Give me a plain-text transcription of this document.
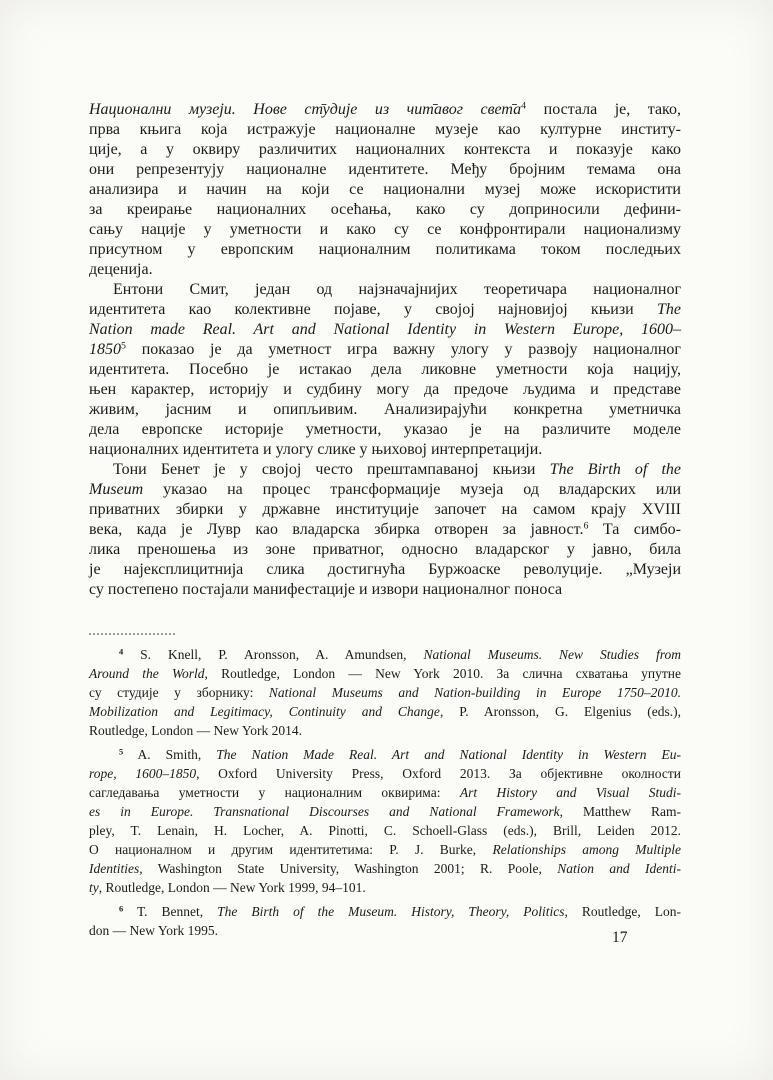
Национални музеји. Нове ст̄удије из чит̄авог $свет̄а^4$ постала је, тако,
прва књига која истражује националне музеје као културне институ-
ције, а у оквиру различитих националних контекста и показује како
они репрезентују националне идентитете. Међу бројним темама она
анализира и начин на који се национални музеј може искористити
за креирање националних осећања, како су доприносили дефини-
сању нације у уметности и како су се конфронтирали национализму
присутном у европским националним политикама током последњих
деценија.
Ентони Смит, један од најзначајнијих теоретичара националног
идентитета као колективне појаве, у својој најновијој књизи The
Nation made Real. Art and National Identity in Western Europe, 1600–
1850$^5$ показао је да уметност игра важну улогу у развоју националног
идентитета. Посебно је истакао дела ликовне уметности која нацију,
њен карактер, историју и судбину могу да предоче људима и представе
живим, јасним и опипљивим. Анализирајући конкретна уметничка
дела европске историје уметности, указао је на различите моделе
националних идентитета и улогу слике у њиховој интерпретацији.
Тони Бенет је у својој често прештампаваној књизи The Birth of the
Museum указао на процес трансформације музеја од владарских или
приватних збирки у државне институције започет на самом крају XVIII
века, када је Лувр као владарска збирка отворен за јавност.$^6$ Та симбо-
лика преношења из зоне приватног, односно владарског у јавно, била
је најексплицитнија слика достигнућа Буржоаске револуције. „Музеји
су постепено постајали манифестације и извори националног поноса
$^4$ S. Knell, P. Aronsson, A. Amundsen, National Museums. New Studies from
Around the World, Routledge, London — New York 2010. За слична схватања упутне
су студије у зборнику: National Museums and Nation-building in Europe 1750–2010.
Mobilization and Legitimacy, Continuity and Change, P. Aronsson, G. Elgenius (eds.),
Routledge, London — New York 2014.
$^5$ A. Smith, The Nation Made Real. Art and National Identity in Western Eu-
rope, 1600–1850, Oxford University Press, Oxford 2013. За објективне околности
сагледавања уметности у националним оквирима: Art History and Visual Studi-
es in Europe. Transnational Discourses and National Framework, Matthew Ram-
pley, T. Lenain, H. Locher, A. Pinotti, C. Schoell-Glass (eds.), Brill, Leiden 2012.
О националном и другим идентитетима: P. J. Burke, Relationships among Multiple
Identities, Washington State University, Washington 2001; R. Poole, Nation and Identi-
ty, Routledge, London — New York 1999, 94–101.
$^6$ T. Bennet, The Birth of the Museum. History, Theory, Politics, Routledge, Lon-
don — New York 1995.	17
